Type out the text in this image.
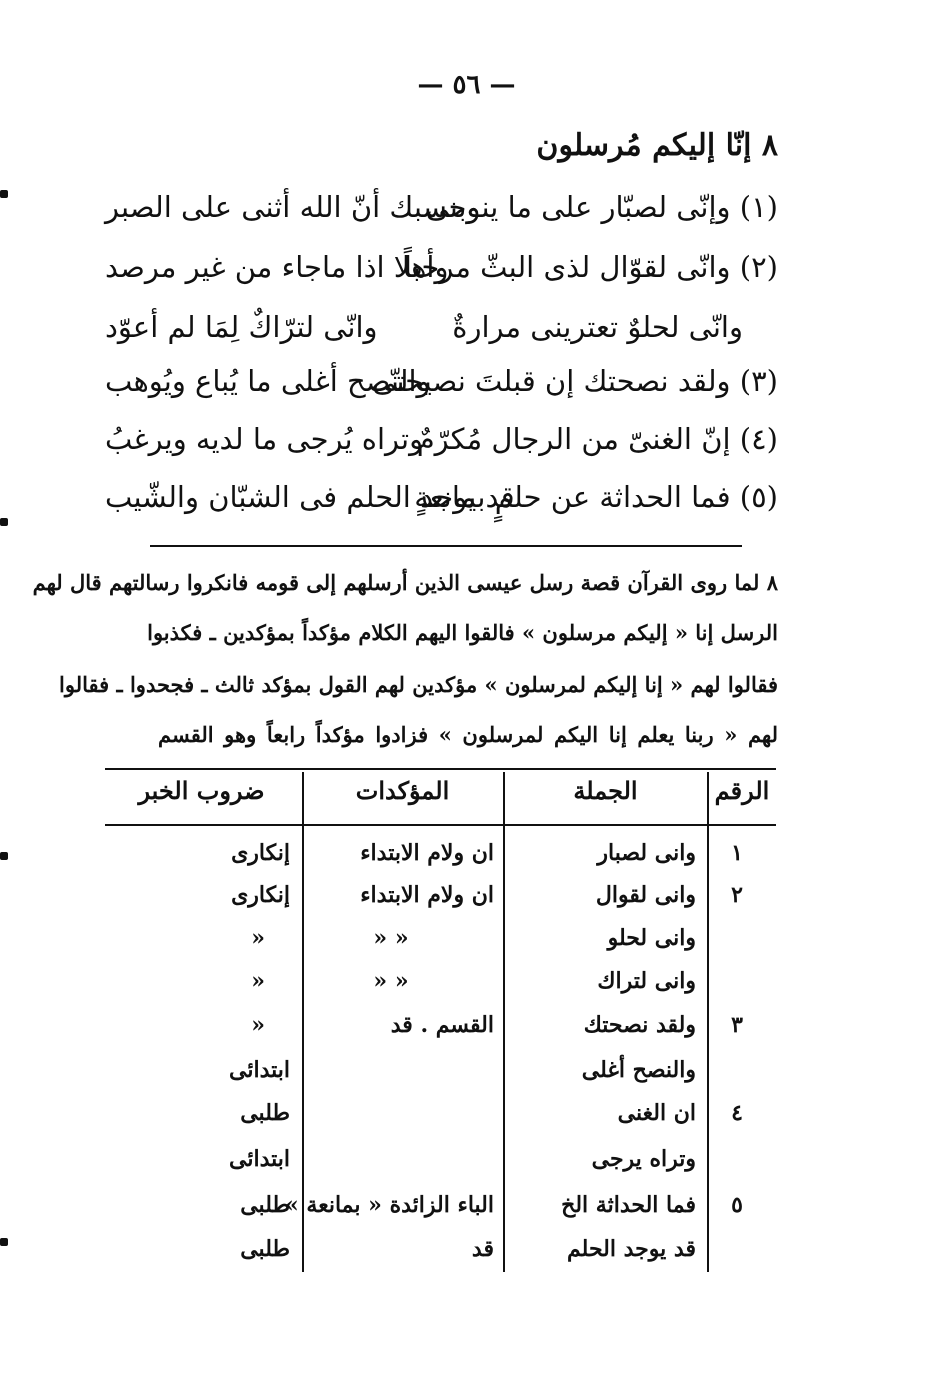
— ٥٦ —
٨ إنّا إليكم مُرسلون
(١) وإنّى لصبّار على ما ينوبنى
وحسبك أنّ الله أثنى على الصبر
(٢) وانّى لقوّال لذى البثّ مرحباً
وأهلا اذا ماجاء من غير مرصد
وانّى لحلوٌ تعترينى مرارةٌ
وانّى لترّاكٌ لِمَا لم أعوّد
(٣) ولقد نصحتك إن قبلتَ نصيحتى
والنّصح أغلى ما يُباع ويُوهب
(٤) إنّ الغنىّ من الرجال مُكرّمٌ
وتراه يُرجى ما لديه ويرغبُ
(٥) فما الحداثة عن حلمٍ بمانعةٍ
قد يوجد الحلم فى الشبّان والشّيب
٨ لما روى القرآن قصة رسل عيسى الذين أرسلهم إلى قومه فانكروا رسالتهم قال لهم
الرسل إنا « إليكم مرسلون » فالقوا اليهم الكلام مؤكداً بمؤكدين ـ فكذبوا
فقالوا لهم « إنا إليكم لمرسلون » مؤكدين لهم القول بمؤكد ثالث ـ فجحدوا ـ فقالوا
لهم « ربنا يعلم إنا اليكم لمرسلون » فزادوا مؤكداً رابعاً وهو القسم
الرقم
الجملة
المؤكدات
ضروب الخبر
١
وانى لصبار
ان ولام الابتداء
إنكارى
٢
وانى لقوال
ان ولام الابتداء
إنكارى
وانى لحلو
« «
«
وانى لتراك
« «
«
٣
ولقد نصحتك
القسم . قد
«
والنصح أغلى
ابتدائى
٤
ان الغنى
طلبى
وتراه يرجى
ابتدائى
٥
فما الحداثة الخ
الباء الزائدة « بمانعة »
طلبى
قد يوجد الحلم
قد
طلبى
